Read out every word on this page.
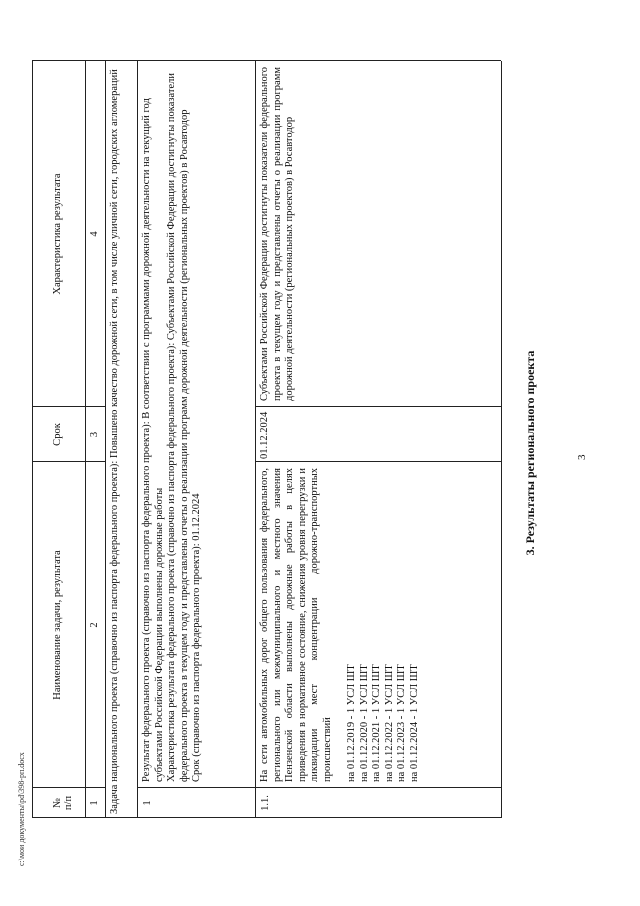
3
3. Результаты регионального проекта
№
п/п
Наименование задачи, результата
Срок
Характеристика результата
1
2
3
4 Задача национального проекта (справочно из паспорта федерального проекта): Повышено качество дорожной сети, в том числе уличной сети, городских агломераций	1

Результат федерального проекта (справочно из паспорта федерального проекта): В соответствии с программами дорожной деятельности на текущий год субъектами Российской Федерации выполнены дорожные работы Характеристика результата федерального проекта (справочно из паспорта федерального проекта): Субъектами Российской Федерации достигнуты показатели федерального проекта в текущем году и представлены отчеты о реализации программ дорожной деятельности (региональных проектов) в Росавтодор Срок (справочно из паспорта федерального проекта): 01.12.2024

1.1.

На сети автомобильных дорог общего пользования федерального, регионального или межмуниципального и местного значения Пензенской области выполнены дорожные работы в целях приведения в нормативное состояние, снижения уровня перегрузки и ликвидации мест концентрации дорожно-транспортных происшествий на 01.12.2019 - 1 УСЛ ШТ на 01.12.2020 - 1 УСЛ ШТ на 01.12.2021 - 1 УСЛ ШТ на 01.12.2022 - 1 УСЛ ШТ на 01.12.2023 - 1 УСЛ ШТ на 01.12.2024 - 1 УСЛ ШТ

01.12.2024
Субъектами Российской Федерации достигнуты показатели федерального проекта в текущем году и представлены отчеты о реализации программ дорожной деятельности (региональных проектов) в Росавтодор
c:\мои документы\pd\398-рп.docx
